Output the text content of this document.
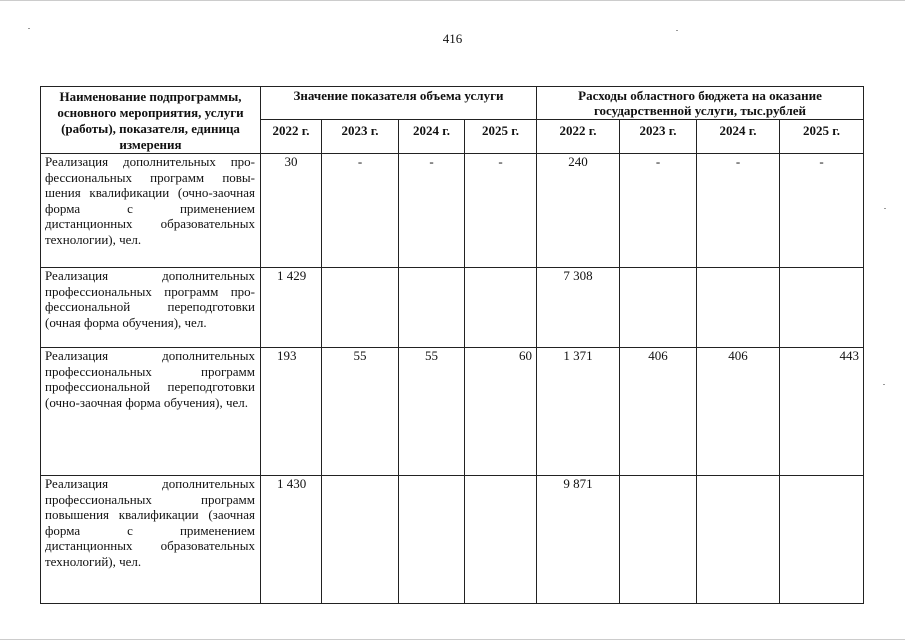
416
Наименование подпрограммы, основного мероприятия, услуги (работы), показателя, единица измерения	Значение показателя объема услуги				Расходы областного бюджета на оказание государственной услуги, тыс.рублей			
	2022 г.	2023 г.	2024 г.	2025 г.	2022 г.	2023 г.	2024 г.	2025 г.
Реализация дополнительных про-фессиональных программ повы-шения квалификации (очно-заочная форма с применением дистанционных образовательных технологии), чел.	30	-	-	-	240	-	-	-
Реализация дополнительных профессиональных программ про-фессиональной переподготовки (очная форма обучения), чел.	1 429				7 308			
Реализация дополнительных профессиональных программ профессиональной переподготовки (очно-заочная формa обучения), чел.	193	55	55	60	1 371	406	406	443
Реализация дополнительных профессиональных программ повышения квалификации (заочная форма с применением дистанционных образовательных технологий), чел.	1 430				9 871			
